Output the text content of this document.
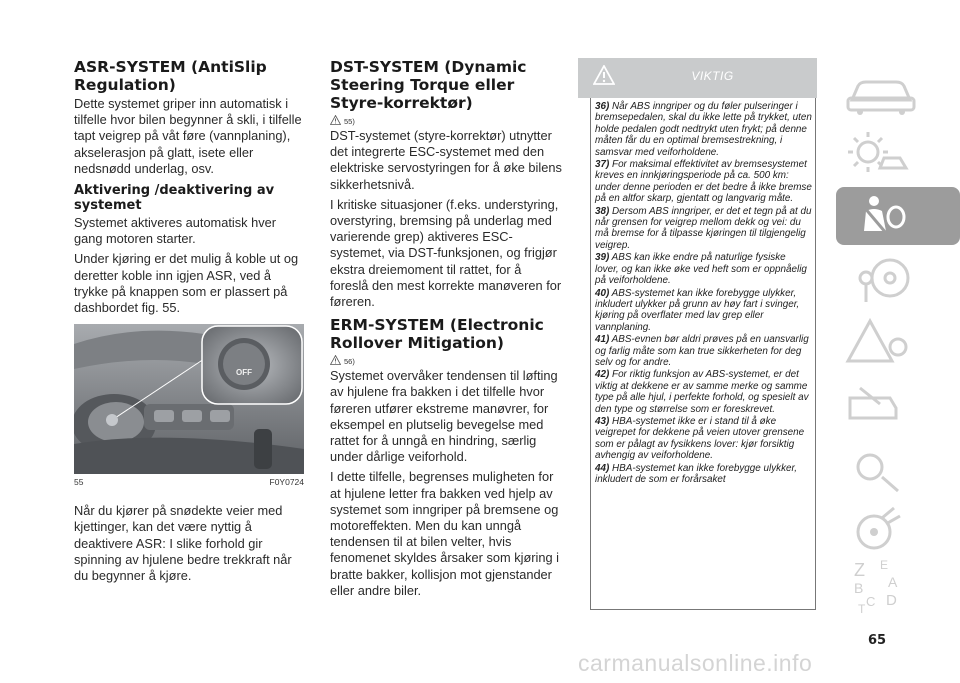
ASR-SYSTEM (AntiSlip Regulation)

Dette systemet griper inn automatisk i tilfelle hvor bilen begynner å skli, i tilfelle tapt veigrep på våt føre (vannplaning), akselerasjon på glatt, isete eller nedsnødd underlag, osv.

Aktivering /deaktivering av systemet

Systemet aktiveres automatisk hver gang motoren starter.

Under kjøring er det mulig å koble ut og deretter koble inn igjen ASR, ved å trykke på knappen som er plassert på dashbordet fig. 55.

OFF
55	F0Y0724

Når du kjører på snødekte veier med kjettinger, kan det være nyttig å deaktivere ASR: I slike forhold gir spinning av hjulene bedre trekkraft når du begynner å kjøre.

DST-SYSTEM (Dynamic Steering Torque eller Styre-korrektør)
55)

DST-systemet (styre-korrektør) utnytter det integrerte ESC-systemet med den elektriske servostyringen for å øke bilens sikkerhetsnivå.

I kritiske situasjoner (f.eks. understyring, overstyring, bremsing på underlag med varierende grep) aktiveres ESC-systemet, via DST-funksjonen, og frigjør ekstra dreiemoment til rattet, for å foreslå den mest korrekte manøveren for føreren.

ERM-SYSTEM (Electronic Rollover Mitigation)
56)

Systemet overvåker tendensen til løfting av hjulene fra bakken i det tilfelle hvor føreren utfører ekstreme manøvrer, for eksempel en plutselig bevegelse med rattet for å unngå en hindring, særlig under dårlige veiforhold.

I dette tilfelle, begrenses muligheten for at hjulene letter fra bakken ved hjelp av systemet som inngriper på bremsene og motoreffekten. Men du kan unngå tendensen til at bilen velter, hvis fenomenet skyldes årsaker som kjøring i bratte bakker, kollisjon mot gjenstander eller andre biler.

VIKTIG
36) Når ABS inngriper og du føler pulseringer i bremsepedalen, skal du ikke lette på trykket, uten holde pedalen godt nedtrykt uten frykt; på denne måten får du en optimal bremsestrekning, i samsvar med veiforholdene.
37) For maksimal effektivitet av bremsesystemet kreves en innkjøringsperiode på ca. 500 km: under denne perioden er det bedre å ikke bremse på en altfor skarp, gjentatt og langvarig måte.
38) Dersom ABS inngriper, er det et tegn på at du når grensen for veigrep mellom dekk og vei: du må bremse for å tilpasse kjøringen til tilgjengelig veigrep.
39) ABS kan ikke endre på naturlige fysiske lover, og kan ikke øke ved heft som er oppnåelig på veiforholdene.
40) ABS-systemet kan ikke forebygge ulykker, inkludert ulykker på grunn av høy fart i svinger, kjøring på overflater med lav grep eller vannplaning.
41) ABS-evnen bør aldri prøves på en uansvarlig og farlig måte som kan true sikkerheten for deg selv og for andre.
42) For riktig funksjon av ABS-systemet, er det viktig at dekkene er av samme merke og samme type på alle hjul, i perfekte forhold, og spesielt av den type og størrelse som er foreskrevet.
43) HBA-systemet ikke er i stand til å øke veigrepet for dekkene på veien utover grensene som er pålagt av fysikkens lover: kjør forsiktig avhengig av veiforholdene.
44) HBA-systemet kan ikke forebygge ulykker, inkludert de som er forårsaket
Z E
A
B
C D
T
65
carmanualsonline.info
